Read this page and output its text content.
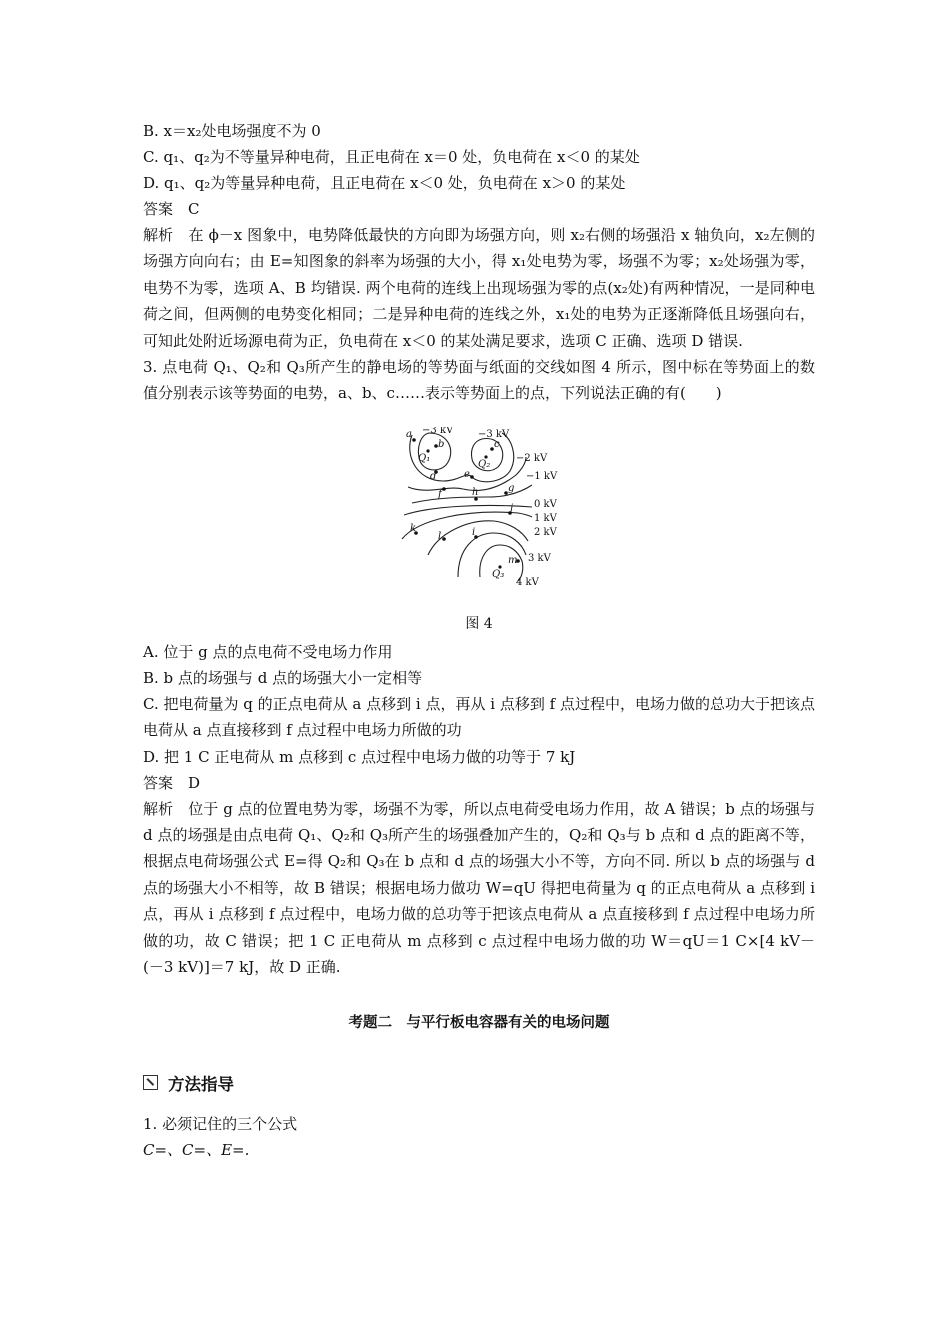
B. x＝x₂处电场强度不为 0
C. q₁、q₂为不等量异种电荷，且正电荷在 x＝0 处，负电荷在 x＜0 的某处
D. q₁、q₂为等量异种电荷，且正电荷在 x＜0 处，负电荷在 x＞0 的某处
答案　C
解析　在 ϕ－x 图象中，电势降低最快的方向即为场强方向，则 x₂右侧的场强沿 x 轴负向，x₂左侧的场强方向向右；由 E=知图象的斜率为场强的大小，得 x₁处电势为零，场强不为零；x₂处场强为零，电势不为零，选项 A、B 均错误. 两个电荷的连线上出现场强为零的点(x₂处)有两种情况，一是同种电荷之间，但两侧的电势变化相同；二是异种电荷的连线之外，x₁处的电势为正逐渐降低且场强向右，可知此处附近场源电荷为正，负电荷在 x＜0 的某处满足要求，选项 C 正确、选项 D 错误.
3. 点电荷 Q₁、Q₂和 Q₃所产生的静电场的等势面与纸面的交线如图 4 所示，图中标在等势面上的数值分别表示该等势面的电势，a、b、c……表示等势面上的点，下列说法正确的有(　　)
a
b	c
d	e
f
g
h
i
j
k
l
m
Q₁
Q₂
Q₃
−3 kV −3 kV
−2 kV
−1 kV
0 kV
1 kV
2 kV
3 kV
4 kV
图 4
A. 位于 g 点的点电荷不受电场力作用
B. b 点的场强与 d 点的场强大小一定相等
C. 把电荷量为 q 的正点电荷从 a 点移到 i 点，再从 i 点移到 f 点过程中，电场力做的总功大于把该点电荷从 a 点直接移到 f 点过程中电场力所做的功
D. 把 1 C 正电荷从 m 点移到 c 点过程中电场力做的功等于 7 kJ
答案　D
解析　位于 g 点的位置电势为零，场强不为零，所以点电荷受电场力作用，故 A 错误；b 点的场强与 d 点的场强是由点电荷 Q₁、Q₂和 Q₃所产生的场强叠加产生的，Q₂和 Q₃与 b 点和 d 点的距离不等，根据点电荷场强公式 E=得 Q₂和 Q₃在 b 点和 d 点的场强大小不等，方向不同. 所以 b 点的场强与 d 点的场强大小不相等，故 B 错误；根据电场力做功 W=qU 得把电荷量为 q 的正点电荷从 a 点移到 i 点，再从 i 点移到 f 点过程中，电场力做的总功等于把该点电荷从 a 点直接移到 f 点过程中电场力所做的功，故 C 错误；把 1 C 正电荷从 m 点移到 c 点过程中电场力做的功 W＝qU＝1 C×[4 kV－(－3 kV)]＝7 kJ，故 D 正确.
考题二　与平行板电容器有关的电场问题
方法指导
1. 必须记住的三个公式
C=、C=、E=.
